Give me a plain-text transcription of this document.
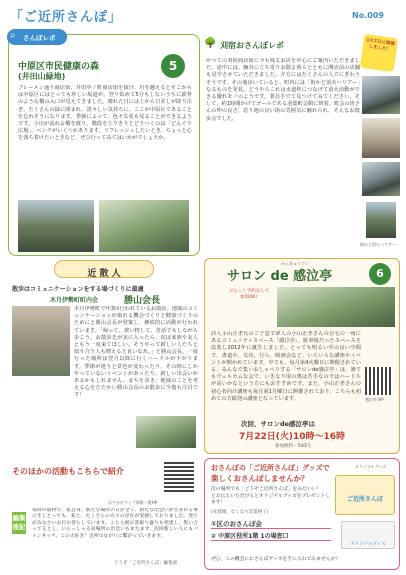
「ご近所さんぽ」	No.009
さんぽレポ
⌕
5
中原区市民健康の森
(井田山緑地)
ブレーメン通り商店街、井田中ノ町商店街を抜け、川を越えるとそこからは中原区にはとっても珍しい坂道が。登り始めて5分もしないうちに鉄骨のような橋の入口が見えてきました。晴れた日には上から日差しが降り注ぎ、たくさんの緑に囲まれ、清々しい気持ちに。ここが中原区であることを忘れそうになります。季節によって、色々な花も見ることができるようです。小川が流れる橋を渡り、階段を上りきりとどりつくのは「どんぐり広場」。ベンチがいくつかあります。リフレッシュしたいとき、ちょっと心を落ち着けたいときなど、ぜひ行ってみてはいかがでしょうか。
🌳 刈宿おさんぽレポ	1月7日に開催しました！
かつての刈宿商店街に今も残るお店を中心にご案内いただきました。途中には、幽谷に立ち寄りお散る荷らとともに開店前の店舗も見学させていただきました。夕方にはたくさんの人でにぎわうそうです。その後歩いていると、町内には「街かど消火ハリアー」なるものを発見。どうやらこれは水道栓につなげて消火活動ができる優れモノのようです。署員手でて見つけてみてください。そして、約1時間かけてゴールである羽葉町会館に到着。町会の皆さんの仲の良さ、思う地の良い街の雰囲気に触れられ、そんなお散歩会でした。
街かど消火ハリアー
近 散 人
散歩はコミュニケーションをする場づくりに最適
木月伊勢町町内会	勝山会長
木月伊勢町で年3回行われているお散歩。地域のコミュニケーションが取れる機会づくりと健康づくりのためにと勝山会長が発案し、継続的に活動が行われています。「帰って、挨い物して、昔話でもしながら歩こう。お散歩先が実に入ったら、次は家族や友人ともう一度来てほしい。そうやって新しい人たちと知り合う人も増えると良いなあ。」と勝山会長。一度行った場所は翌月以降に行くハードルが下がります。季節が違うと景色が変わったり、その時にしかやっていないイベントがあったり、新しい出会いがあるかもしれません。まちを歩き、地域のことを考える心をたたかい勝山会長のお散歩に今後も注目です！
かんきゅうてい
サロン de 感泣亭	6
ぶらっと予約なしで参加OK♪
詩人小山正孝氏のご子息で夢人の小山正孝さんの自宅の一角にあるコミュニティスペース「感泣亭」。駐車場だったスペースを改装し2012年に誕生しました。とっても明るい中の良い空間で、書道や、気功、行ら、映画会など、いろいろな講座やイベントが開かれています。中でも、毎月第4火曜日に開催されている、みんなで集いおしゃべりする「サロンde感泣亭」は、誰でもウェルカムな会で、いきなり扉の奥は苦手なのではハードルが高いかなという方にもおすすめです。また、小山正孝さんの初心者向け講座も毎月第1月曜日に開催されており、こちらも初めての方歓迎の講座となっています。	感泣亭 HP
次回、サロンde感泣亭は
7月22日(火)10時〜16時
参加無料・500円
そのほかの活動もこちらで紹介
おでかけマップ情報一覧HP
編集後記
毎回の取材で、私自身、新たな場所の日が全く、新たな出会いが生まれる事に生じとっても、私と、たくさんの方々の存在が実感しておりました。発ちがみなさいお目お待ちしています。こちら展示景取り盛りも発達し、集い合ってるとし、いらっしゃる居場所の出会いもまたまず、次回新しい人にもバトンタッチ。この大好き！近所つながりに繋がっていきます。
どうぞ「ご近所さんぽ」編集部
おさんぽの「ご近所さんぽ」グッズで
楽しくおさんぽしませんか？
次の場所でも「どうぞご近所さんぽ」をみたいい！
とお伝えいただけるとオリジナルグッズをプレゼントします！
(先着順、なくなり次第終了)
①区のおさんぽ会
② 中原区役所1階 1の場窓口
ぜひ、この機会におさんぽグッズを手に入れてみませんか？
オリジナルグッズ
ご近所さんぽ
オリジナルグッズ
